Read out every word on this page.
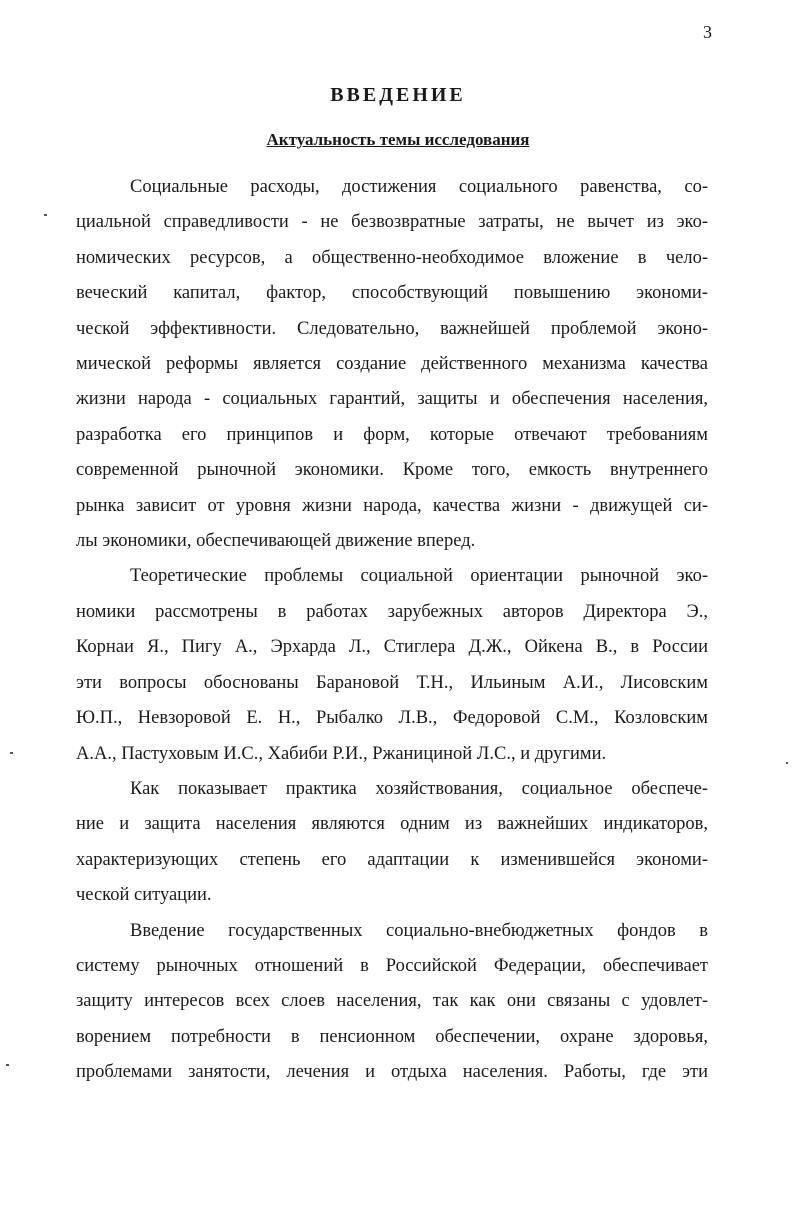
3
ВВЕДЕНИЕ
Актуальность темы исследования
Социальные расходы, достижения социального равенства, со-
циальной справедливости - не безвозвратные затраты, не вычет из эко-
номических ресурсов, а общественно-необходимое вложение в чело-
веческий капитал, фактор, способствующий повышению экономи-
ческой эффективности. Следовательно, важнейшей проблемой эконо-
мической реформы является создание действенного механизма качества
жизни народа - социальных гарантий, защиты и обеспечения населения,
разработка его принципов и форм, которые отвечают требованиям
современной рыночной экономики. Кроме того, емкость внутреннего
рынка зависит от уровня жизни народа, качества жизни - движущей си-
лы экономики, обеспечивающей движение вперед.
Теоретические проблемы социальной ориентации рыночной эко-
номики рассмотрены в работах зарубежных авторов Директора Э.,
Корнаи Я., Пигу А., Эрхарда Л., Стиглера Д.Ж., Ойкена В., в России
эти вопросы обоснованы Барановой Т.Н., Ильиным А.И., Лисовским
Ю.П., Невзоровой Е. Н., Рыбалко Л.В., Федоровой С.М., Козловским
А.А., Пастуховым И.С., Хабиби Р.И., Ржанициной Л.С., и другими.
Как показывает практика хозяйствования, социальное обеспече-
ние и защита населения являются одним из важнейших индикаторов,
характеризующих степень его адаптации к изменившейся экономи-
ческой ситуации.
Введение государственных социально-внебюджетных фондов в
систему рыночных отношений в Российской Федерации, обеспечивает
защиту интересов всех слоев населения, так как они связаны с удовлет-
ворением потребности в пенсионном обеспечении, охране здоровья,
проблемами занятости, лечения и отдыха населения. Работы, где эти
